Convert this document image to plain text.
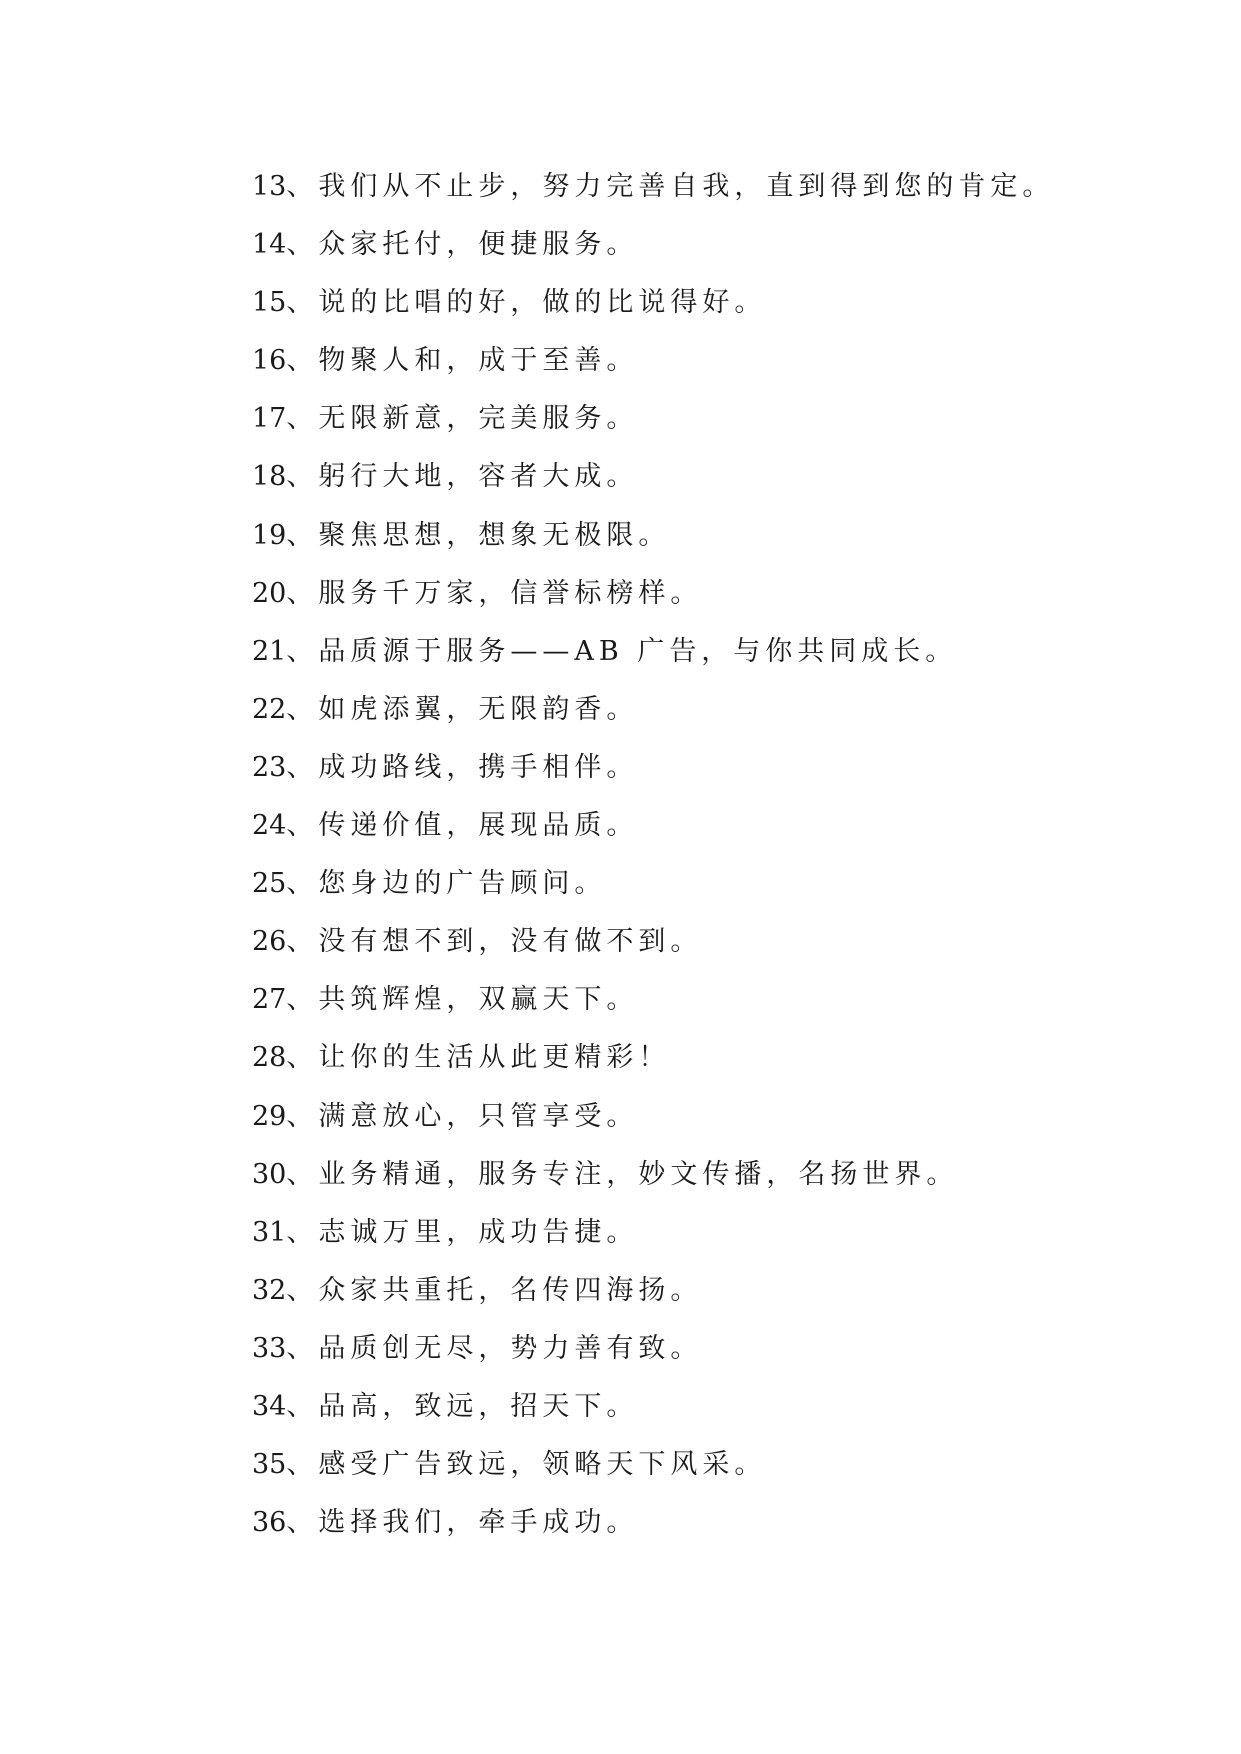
13、我们从不止步，努力完善自我，直到得到您的肯定。
14、众家托付，便捷服务。
15、说的比唱的好，做的比说得好。
16、物聚人和，成于至善。
17、无限新意，完美服务。
18、躬行大地，容者大成。
19、聚焦思想，想象无极限。
20、服务千万家，信誉标榜样。
21、品质源于服务——AB 广告，与你共同成长。
22、如虎添翼，无限韵香。
23、成功路线，携手相伴。
24、传递价值，展现品质。
25、您身边的广告顾问。
26、没有想不到，没有做不到。
27、共筑辉煌，双赢天下。
28、让你的生活从此更精彩！
29、满意放心，只管享受。
30、业务精通，服务专注，妙文传播，名扬世界。
31、志诚万里，成功告捷。
32、众家共重托，名传四海扬。
33、品质创无尽，势力善有致。
34、品高，致远，招天下。
35、感受广告致远，领略天下风采。
36、选择我们，牵手成功。
